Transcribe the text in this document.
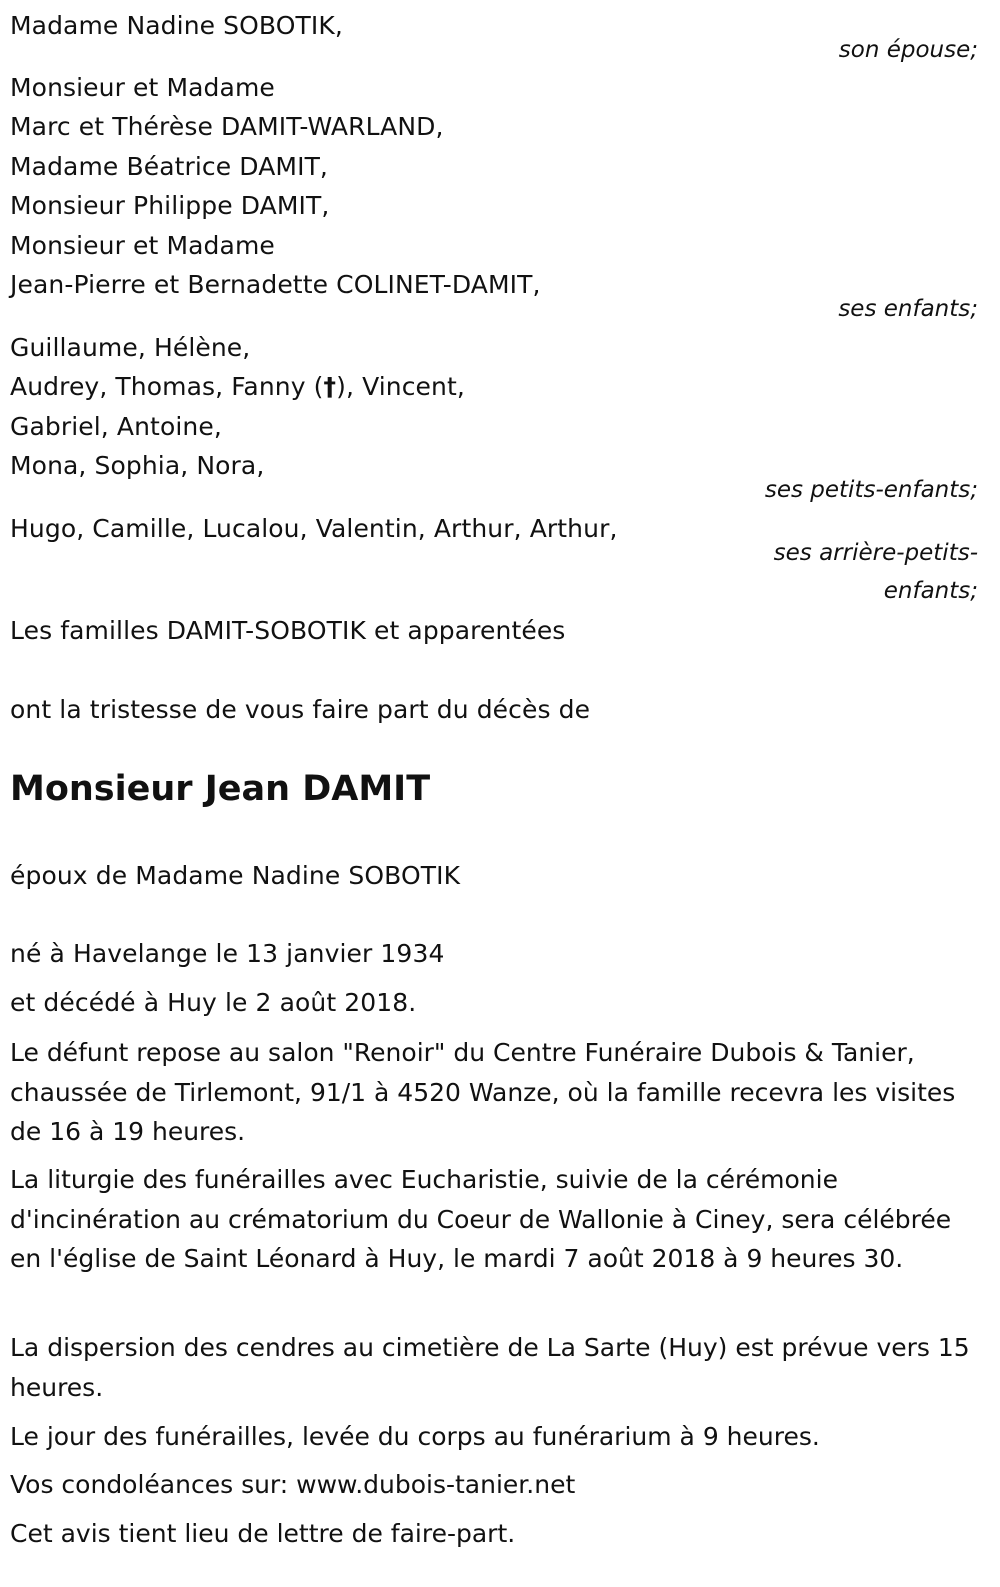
Madame Nadine SOBOTIK,
son épouse;
Monsieur et Madame
Marc et Thérèse DAMIT-WARLAND,
Madame Béatrice DAMIT,
Monsieur Philippe DAMIT,
Monsieur et Madame
Jean-Pierre et Bernadette COLINET-DAMIT,
ses enfants;
Guillaume, Hélène,
Audrey, Thomas, Fanny (†), Vincent,
Gabriel, Antoine,
Mona, Sophia, Nora,
ses petits-enfants;
Hugo, Camille, Lucalou, Valentin, Arthur, Arthur,
ses arrière-petits-
enfants;
Les familles DAMIT-SOBOTIK et apparentées
ont la tristesse de vous faire part du décès de
Monsieur Jean DAMIT
époux de Madame Nadine SOBOTIK
né à Havelange le 13 janvier 1934
et décédé à Huy le 2 août 2018.
Le défunt repose au salon "Renoir" du Centre Funéraire Dubois & Tanier, chaussée de Tirlemont, 91/1 à 4520 Wanze, où la famille recevra les visites de 16 à 19 heures.
La liturgie des funérailles avec Eucharistie, suivie de la cérémonie d'incinération au crématorium du Coeur de Wallonie à Ciney, sera célébrée en l'église de Saint Léonard à Huy, le mardi 7 août 2018 à 9 heures 30.
La dispersion des cendres au cimetière de La Sarte (Huy) est prévue vers 15 heures.
Le jour des funérailles, levée du corps au funérarium à 9 heures.
Vos condoléances sur: www.dubois-tanier.net
Cet avis tient lieu de lettre de faire-part.
